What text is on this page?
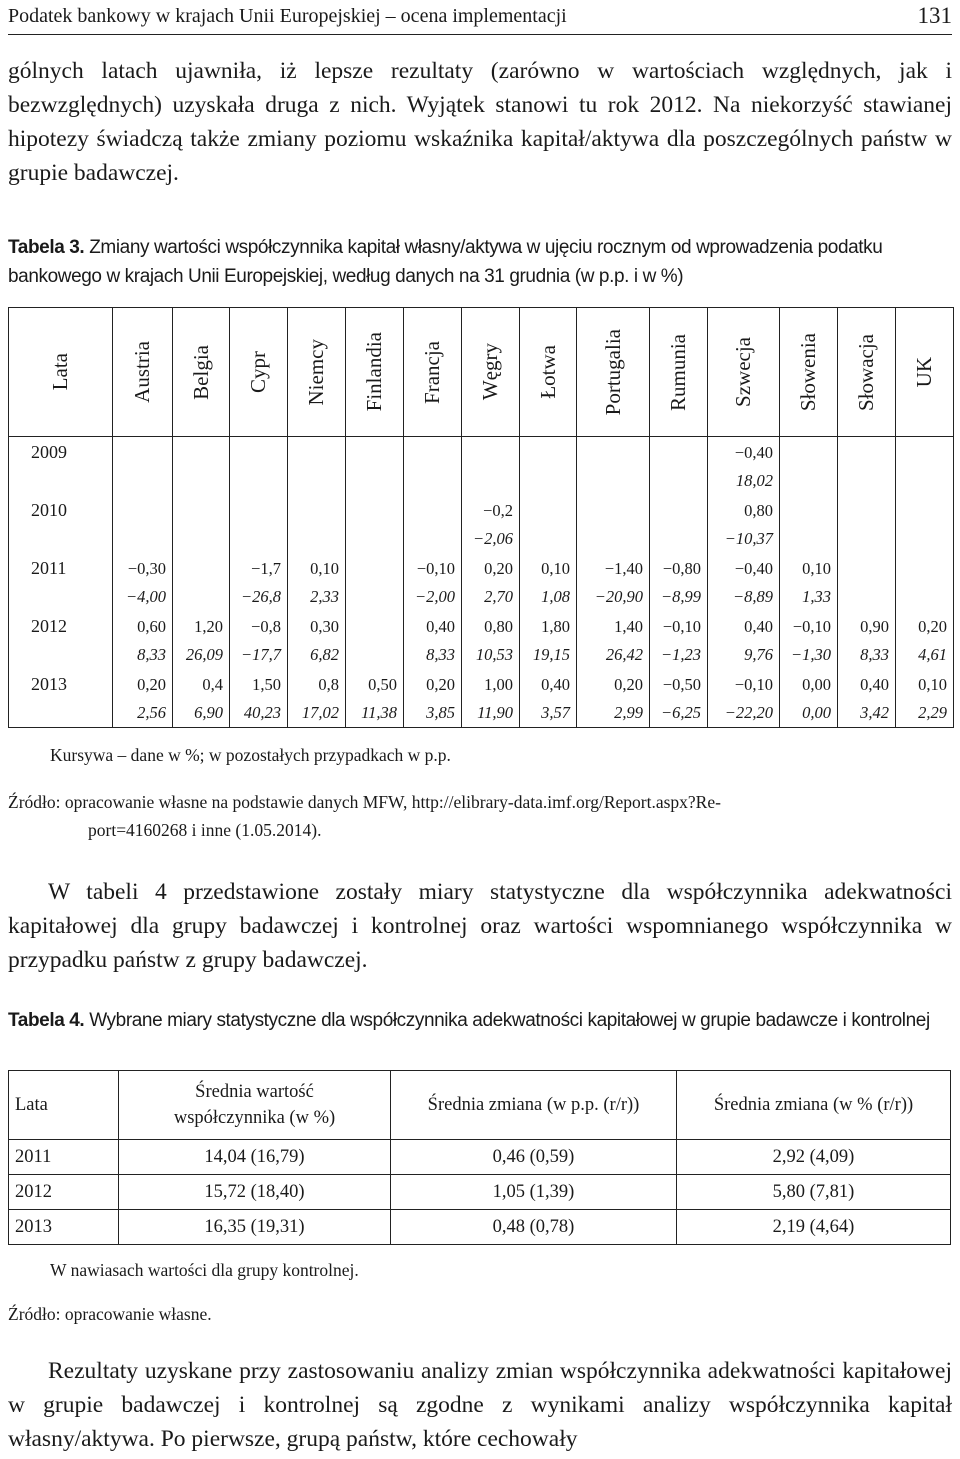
Podatek bankowy w krajach Unii Europejskiej – ocena implementacji	131

gólnych latach ujawniła, iż lepsze rezultaty (zarówno w wartościach względnych, jak i bezwzględnych) uzyskała druga z nich. Wyjątek stanowi tu rok 2012. Na niekorzyść stawianej hipotezy świadczą także zmiany poziomu wskaźnika kapitał/aktywa dla poszczególnych państw w grupie badawczej.

Tabela 3. Zmiany wartości współczynnika kapitał własny/aktywa w ujęciu rocznym od wprowadzenia podatku bankowego w krajach Unii Europejskiej, według danych na 31 grudnia (w p.p. i w %)

Lata	Austria	Belgia	Cypr	Niemcy	Finlandia	Francja	Węgry	Łotwa	Portugalia	Rumunia	Szwecja	Słowenia	Słowacja	UK

2009											−0,40			
											18,02			
2010							−0,2				0,80			
							−2,06				−10,37			
2011	−0,30		−1,7	0,10		−0,10	0,20	0,10	−1,40	−0,80	−0,40	0,10		
	−4,00		−26,8	2,33		−2,00	2,70	1,08	−20,90	−8,99	−8,89	1,33		
2012	0,60	1,20	−0,8	0,30		0,40	0,80	1,80	1,40	−0,10	0,40	−0,10	0,90	0,20
	8,33	26,09	−17,7	6,82		8,33	10,53	19,15	26,42	−1,23	9,76	−1,30	8,33	4,61
2013	0,20	0,4	1,50	0,8	0,50	0,20	1,00	0,40	0,20	−0,50	−0,10	0,00	0,40	0,10
	2,56	6,90	40,23	17,02	11,38	3,85	11,90	3,57	2,99	−6,25	−22,20	0,00	3,42	2,29

Kursywa – dane w %; w pozostałych przypadkach w p.p.

Źródło: opracowanie własne na podstawie danych MFW, http://elibrary-data.imf.org/Report.aspx?Re-
port=4160268 i inne (1.05.2014).

W tabeli 4 przedstawione zostały miary statystyczne dla współczynnika adekwatności kapitałowej dla grupy badawczej i kontrolnej oraz wartości wspomnianego współczynnika w przypadku państw z grupy badawczej.

Tabela 4. Wybrane miary statystyczne dla współczynnika adekwatności kapitałowej w grupie badawcze i kontrolnej

Lata	Średnia wartość współczynnika (w %)	Średnia zmiana (w p.p. (r/r))	Średnia zmiana (w % (r/r))
2011	14,04 (16,79)	0,46 (0,59)	2,92 (4,09)
2012	15,72 (18,40)	1,05 (1,39)	5,80 (7,81)
2013	16,35 (19,31)	0,48 (0,78)	2,19 (4,64)

W nawiasach wartości dla grupy kontrolnej.

Źródło: opracowanie własne.

Rezultaty uzyskane przy zastosowaniu analizy zmian współczynnika adekwatności kapitałowej w grupie badawczej i kontrolnej są zgodne z wynikami analizy współczynnika kapitał własny/aktywa. Po pierwsze, grupą państw, które cechowały
